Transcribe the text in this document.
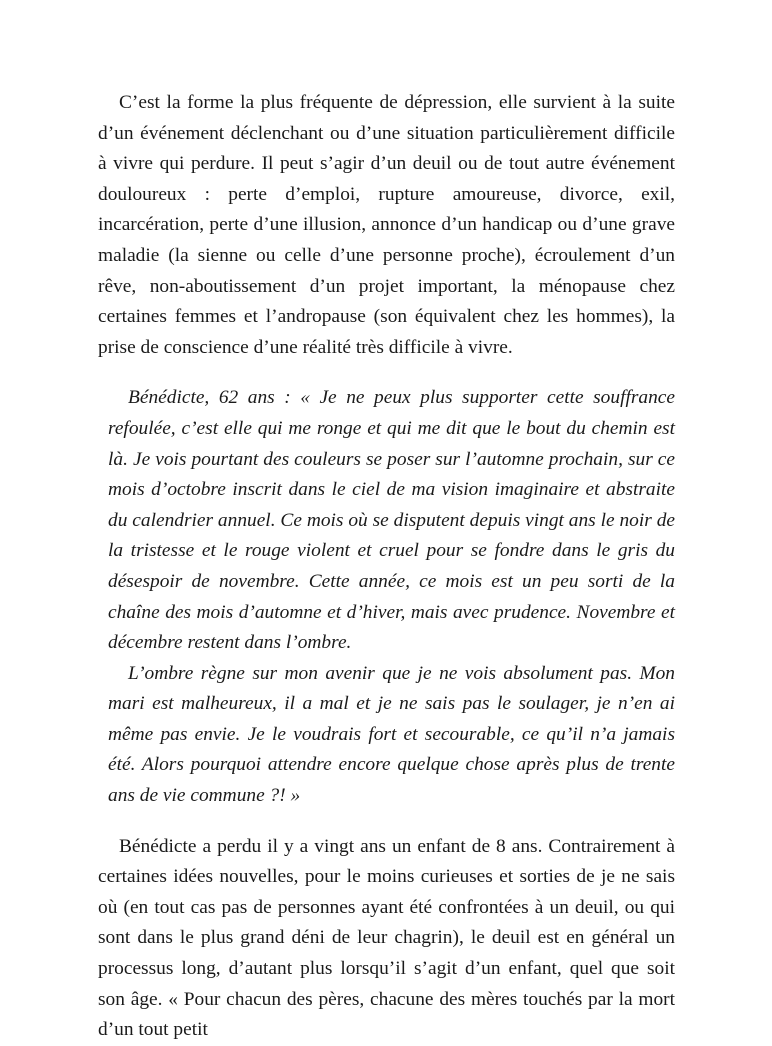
C’est la forme la plus fréquente de dépression, elle survient à la suite d’un événement déclenchant ou d’une situation particulièrement difficile à vivre qui perdure. Il peut s’agir d’un deuil ou de tout autre événement douloureux : perte d’emploi, rupture amoureuse, divorce, exil, incarcération, perte d’une illusion, annonce d’un handicap ou d’une grave maladie (la sienne ou celle d’une personne proche), écroulement d’un rêve, non-aboutissement d’un projet important, la ménopause chez certaines femmes et l’andropause (son équivalent chez les hommes), la prise de conscience d’une réalité très difficile à vivre.

Bénédicte, 62 ans : « Je ne peux plus supporter cette souffrance refoulée, c’est elle qui me ronge et qui me dit que le bout du chemin est là. Je vois pourtant des couleurs se poser sur l’automne prochain, sur ce mois d’octobre inscrit dans le ciel de ma vision imaginaire et abstraite du calendrier annuel. Ce mois où se disputent depuis vingt ans le noir de la tristesse et le rouge violent et cruel pour se fondre dans le gris du désespoir de novembre. Cette année, ce mois est un peu sorti de la chaîne des mois d’automne et d’hiver, mais avec prudence. Novembre et décembre restent dans l’ombre.

L’ombre règne sur mon avenir que je ne vois absolument pas. Mon mari est malheureux, il a mal et je ne sais pas le soulager, je n’en ai même pas envie. Je le voudrais fort et secourable, ce qu’il n’a jamais été. Alors pourquoi attendre encore quelque chose après plus de trente ans de vie commune ?! »

Bénédicte a perdu il y a vingt ans un enfant de 8 ans. Contrairement à certaines idées nouvelles, pour le moins curieuses et sorties de je ne sais où (en tout cas pas de personnes ayant été confrontées à un deuil, ou qui sont dans le plus grand déni de leur chagrin), le deuil est en général un processus long, d’autant plus lorsqu’il s’agit d’un enfant, quel que soit son âge. « Pour chacun des pères, chacune des mères touchés par la mort d’un tout petit
